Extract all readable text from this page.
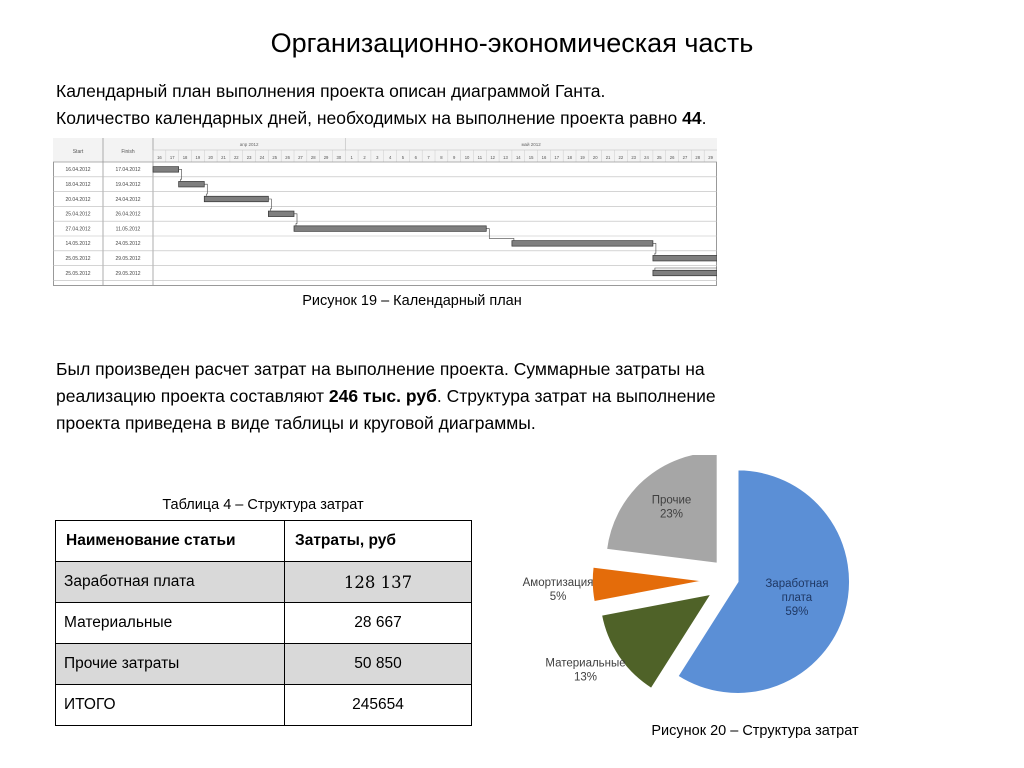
Организационно-экономическая часть
Календарный план выполнения проекта описан диаграммой Ганта.
Количество календарных дней, необходимых на выполнение проекта равно 44.
Start	Finish
апр 2012	май 2012
16 17 18 19 20 21 22 23 24 25 26 27 28 29 30 1 2 3 4 5 6 7 8 9 10 11 12 13 14 15 16 17 18 19 20 21 22 23 24 25 26 27 28 29
16.04.2012	17.04.2012
18.04.2012	19.04.2012
20.04.2012	24.04.2012
25.04.2012	26.04.2012
27.04.2012	11.05.2012
14.05.2012	24.05.2012
25.05.2012	29.05.2012
25.05.2012	29.05.2012
Рисунок 19 – Календарный план
Был произведен расчет затрат на выполнение проекта. Суммарные затраты на
реализацию проекта составляют 246 тыс. руб. Структура затрат на выполнение
проекта приведена в виде таблицы и круговой диаграммы.
Таблица 4 – Структура затрат
Наименование статьи	Затраты, руб
Заработная плата	128 137
Материальные	28 667
Прочие затраты	50 850
ИТОГО	245654
Заработная
плата
59%
Материальные
13%
Амортизация
5%
Прочие
23%
Рисунок 20 – Структура затрат
